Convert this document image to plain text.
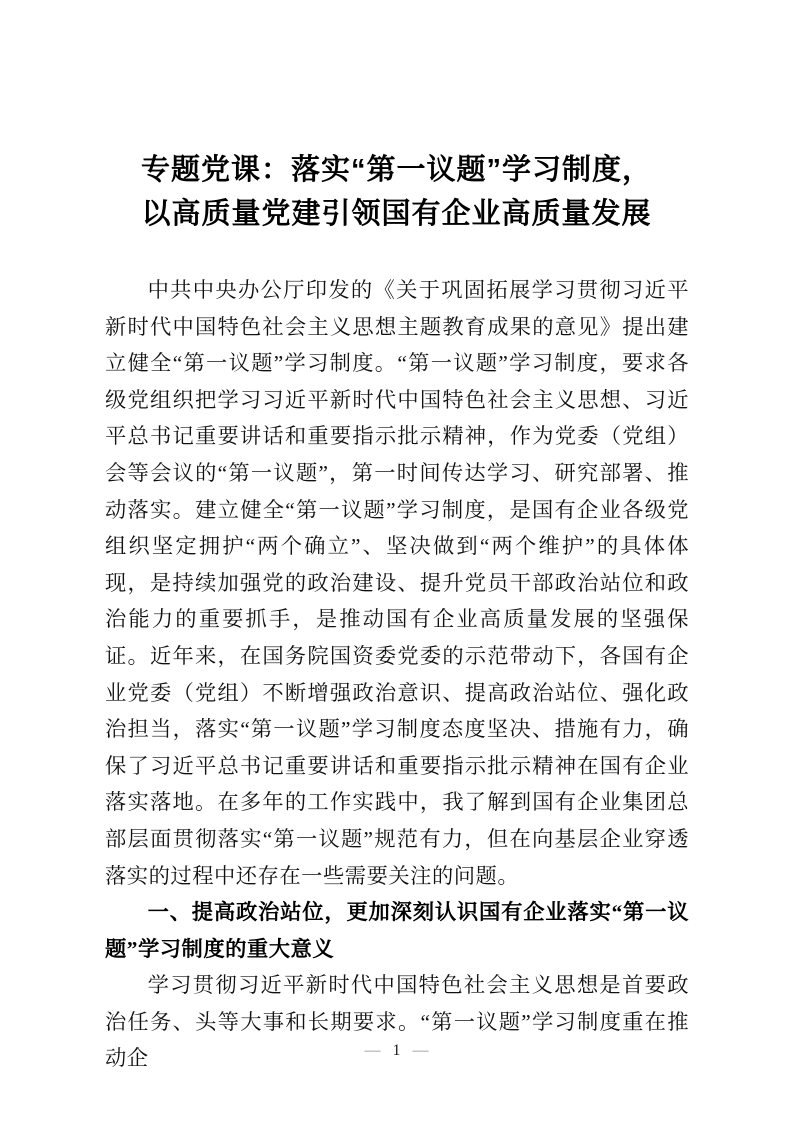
专题党课：落实“第一议题”学习制度，
以高质量党建引领国有企业高质量发展

中共中央办公厅印发的《关于巩固拓展学习贯彻习近平新时代中国特色社会主义思想主题教育成果的意见》提出建立健全“第一议题”学习制度。“第一议题”学习制度，要求各级党组织把学习习近平新时代中国特色社会主义思想、习近平总书记重要讲话和重要指示批示精神，作为党委（党组）会等会议的“第一议题”，第一时间传达学习、研究部署、推动落实。建立健全“第一议题”学习制度，是国有企业各级党组织坚定拥护“两个确立”、坚决做到“两个维护”的具体体现，是持续加强党的政治建设、提升党员干部政治站位和政治能力的重要抓手，是推动国有企业高质量发展的坚强保证。近年来，在国务院国资委党委的示范带动下，各国有企业党委（党组）不断增强政治意识、提高政治站位、强化政治担当，落实“第一议题”学习制度态度坚决、措施有力，确保了习近平总书记重要讲话和重要指示批示精神在国有企业落实落地。在多年的工作实践中，我了解到国有企业集团总部层面贯彻落实“第一议题”规范有力，但在向基层企业穿透落实的过程中还存在一些需要关注的问题。

一、提高政治站位，更加深刻认识国有企业落实“第一议题”学习制度的重大意义

学习贯彻习近平新时代中国特色社会主义思想是首要政治任务、头等大事和长期要求。“第一议题”学习制度重在推动企	— 1 —
